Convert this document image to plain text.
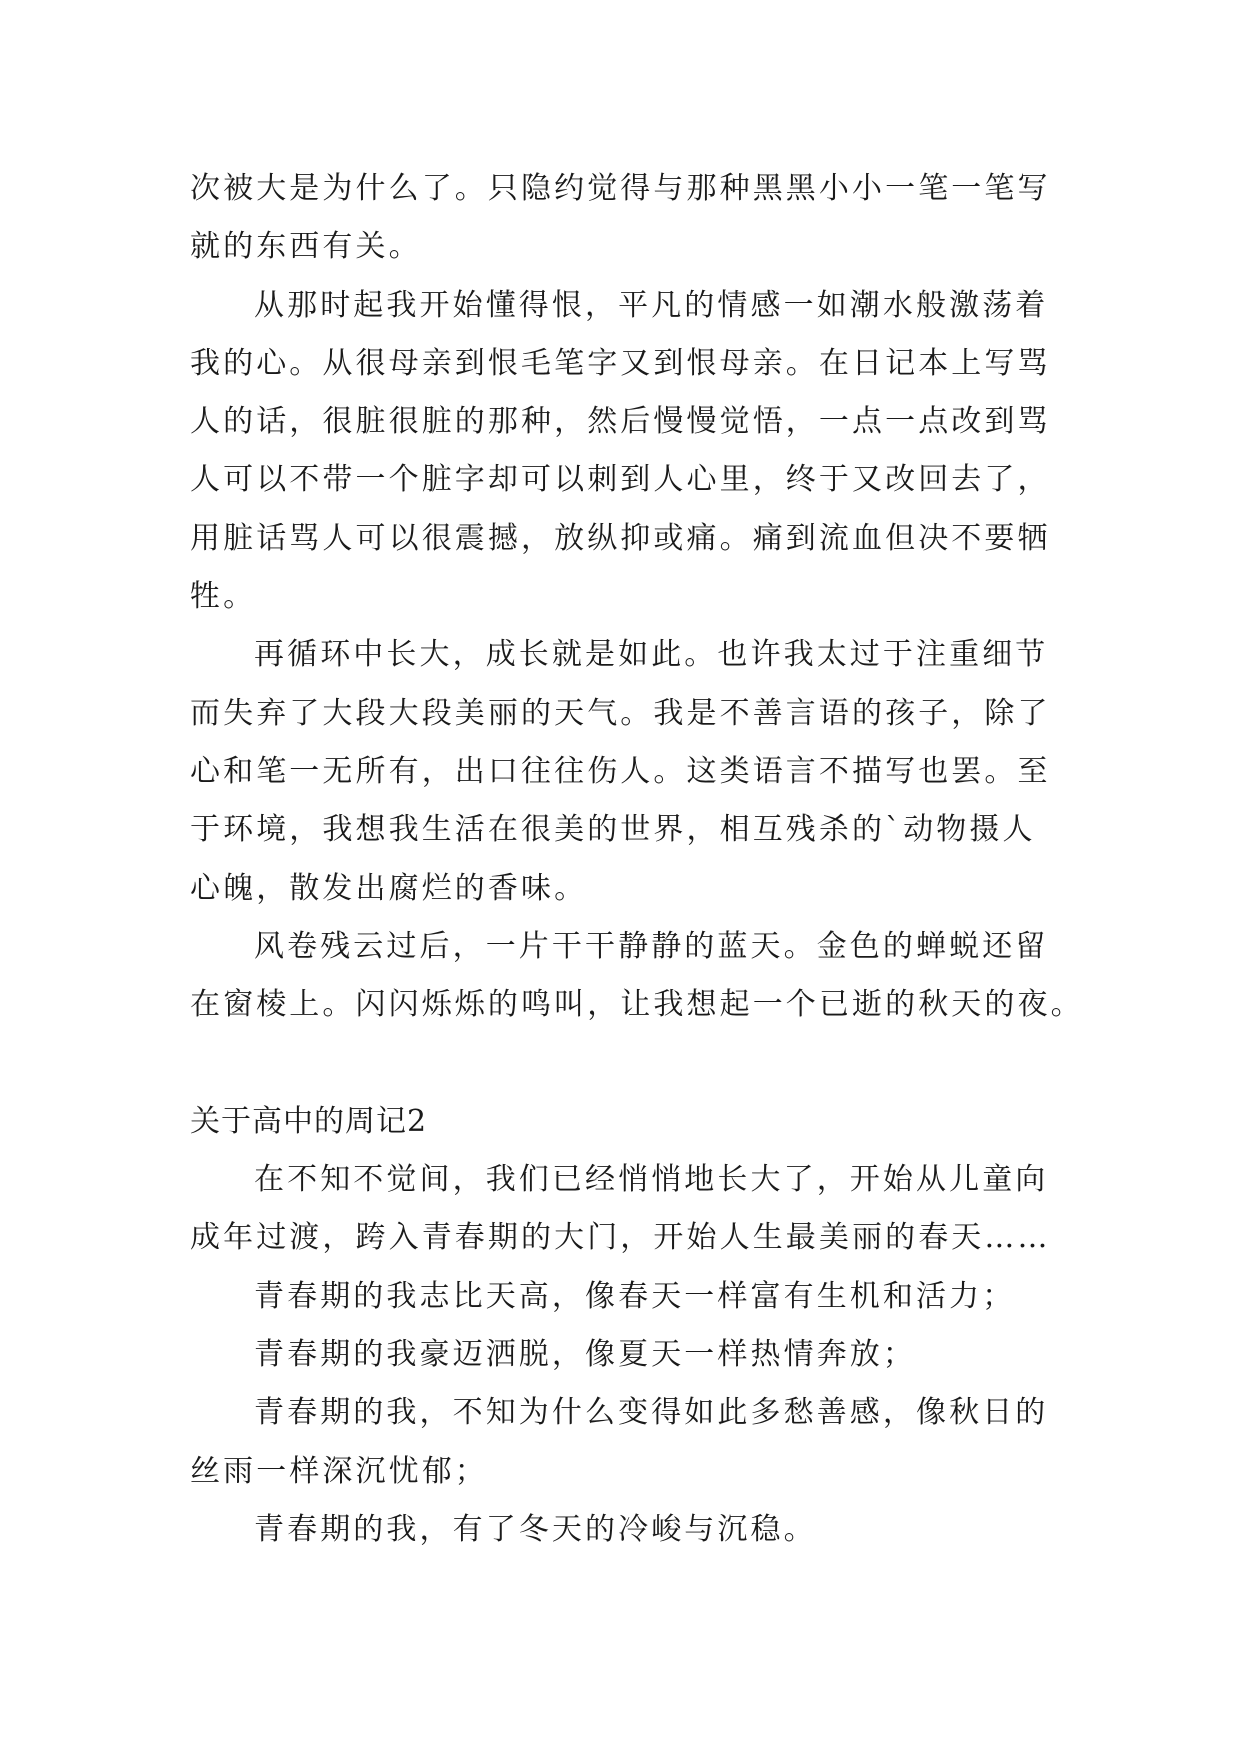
次被大是为什么了。只隐约觉得与那种黑黑小小一笔一笔写
就的东西有关。
从那时起我开始懂得恨，平凡的情感一如潮水般激荡着
我的心。从很母亲到恨毛笔字又到恨母亲。在日记本上写骂
人的话，很脏很脏的那种，然后慢慢觉悟，一点一点改到骂
人可以不带一个脏字却可以刺到人心里，终于又改回去了，
用脏话骂人可以很震撼，放纵抑或痛。痛到流血但决不要牺
牲。
再循环中长大，成长就是如此。也许我太过于注重细节
而失弃了大段大段美丽的天气。我是不善言语的孩子，除了
心和笔一无所有，出口往往伤人。这类语言不描写也罢。至
于环境，我想我生活在很美的世界，相互残杀的`动物摄人
心魄，散发出腐烂的香味。
风卷残云过后，一片干干静静的蓝天。金色的蝉蜕还留
在窗棱上。闪闪烁烁的鸣叫，让我想起一个已逝的秋天的夜。
关于高中的周记2
在不知不觉间，我们已经悄悄地长大了，开始从儿童向
成年过渡，跨入青春期的大门，开始人生最美丽的春天……
青春期的我志比天高，像春天一样富有生机和活力；
青春期的我豪迈洒脱，像夏天一样热情奔放；
青春期的我，不知为什么变得如此多愁善感，像秋日的
丝雨一样深沉忧郁；
青春期的我，有了冬天的冷峻与沉稳。
